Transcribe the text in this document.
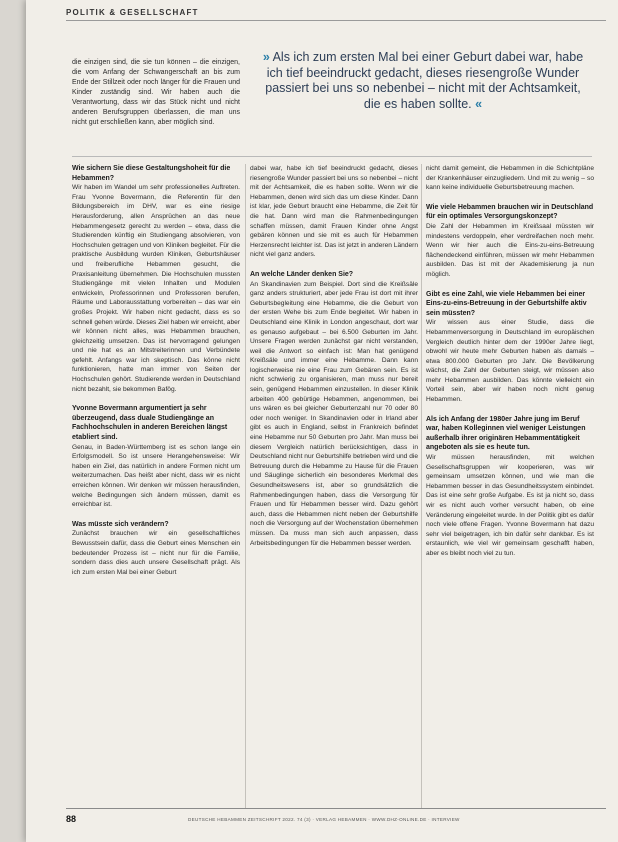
POLITIK & GESELLSCHAFT

die einzigen sind, die sie tun können – die einzigen, die vom Anfang der Schwangerschaft an bis zum Ende der Stillzeit oder noch länger für die Frauen und Kinder zuständig sind. Wir haben auch die Verantwortung, dass wir das Stück nicht und nicht anderen Berufsgruppen überlassen, die man uns nicht gut erschließen kann, aber möglich sind.

» Als ich zum ersten Mal bei einer Geburt dabei war, habe ich tief beeindruckt gedacht, dieses riesengroße Wunder passiert bei uns so nebenbei – nicht mit der Achtsamkeit, die es haben sollte. «
Wie sichern Sie diese Gestaltungshoheit für die Hebammen?

Wir haben im Wandel um sehr professionelles Auftreten. Frau Yvonne Bovermann, die Referentin für den Bildungsbereich im DHV, war es eine riesige Herausforderung, allen Ansprüchen an das neue Hebammengesetz gerecht zu werden – etwa, dass die Studierenden künftig ein Studiengang absolvieren, von Hochschulen getragen und von Kliniken begleitet. Für die praktische Ausbildung wurden Kliniken, Geburtshäuser und freiberufliche Hebammen gesucht, die Praxisanleitung übernehmen. Die Hochschulen mussten Studiengänge mit vielen Inhalten und Modulen entwickeln, Professorinnen und Professoren berufen, Räume und Laborausstattung vorbereiten – das war ein großes Projekt. Wir haben nicht gedacht, dass es so schnell gehen würde. Dieses Ziel haben wir erreicht, aber wir können nicht alles, was Hebammen brauchen, gleichzeitig umsetzen. Das ist hervorragend gelungen und nie hat es an Mitstreiterinnen und Verbündete gefehlt. Anfangs war ich skeptisch. Das könne nicht funktionieren, hatte man immer von Seiten der Hochschulen gehört. Studierende werden in Deutschland nicht bezahlt, sie bekommen Bafög.

Yvonne Bovermann argumentiert ja sehr überzeugend, dass duale Studiengänge an Fachhochschulen in anderen Bereichen längst etabliert sind.

Genau, in Baden-Württemberg ist es schon lange ein Erfolgsmodell. So ist unsere Herangehensweise: Wir haben ein Ziel, das natürlich in andere Formen nicht um weiterzumachen. Das heißt aber nicht, dass wir es nicht erreichen können. Wir denken wir müssen herausfinden, welche Bedingungen sich ändern müssen, damit es erreichbar ist.

Was müsste sich verändern?

Zunächst brauchen wir ein gesellschaftliches Bewusstsein dafür, dass die Geburt eines Menschen ein bedeutender Prozess ist – nicht nur für die Familie, sondern dass dies auch unsere Gesellschaft prägt. Als ich zum ersten Mal bei einer Geburt

dabei war, habe ich tief beeindruckt gedacht, dieses riesengroße Wunder passiert bei uns so nebenbei – nicht mit der Achtsamkeit, die es haben sollte. Wenn wir die Hebammen, denen wird sich das um diese Kinder. Dann ist klar, jede Geburt braucht eine Hebamme, die Zeit für die hat. Dann wird man die Rahmenbedingungen schaffen müssen, damit Frauen Kinder ohne Angst gebären können und sie mit es auch für Hebammen Herzensrecht leichter ist. Das ist jetzt in anderen Ländern nicht viel ganz anders.

An welche Länder denken Sie?

An Skandinavien zum Beispiel. Dort sind die Kreißsäle ganz anders strukturiert, aber jede Frau ist dort mit ihrer Geburtsbegleitung eine Hebamme, die die Geburt von der ersten Wehe bis zum Ende begleitet. Wir haben in Deutschland eine Klinik in London angeschaut, dort war es genauso aufgebaut – bei 6.500 Geburten im Jahr. Unsere Fragen werden zunächst gar nicht verstanden, weil die Antwort so einfach ist: Man hat genügend Kreißsäle und immer eine Hebamme. Dann kann logischerweise nie eine Frau zum Gebären sein. Es ist nicht schwierig zu organisieren, man muss nur bereit sein, genügend Hebammen einzustellen. In dieser Klinik arbeiten 400 gebürtige Hebammen, angenommen, bei uns wären es bei gleicher Geburtenzahl nur 70 oder 80 oder noch weniger. In Skandinavien oder in Irland aber gibt es auch in England, selbst in Frankreich befindet eine Hebamme nur 50 Geburten pro Jahr. Man muss bei diesem Vergleich natürlich berücksichtigen, dass in Deutschland nicht nur Geburtshilfe betrieben wird und die Betreuung durch die Hebamme zu Hause für die Frauen und Säuglinge sicherlich ein besonderes Merkmal des Gesundheitswesens ist, aber so grundsätzlich die Rahmenbedingungen haben, dass die Versorgung für Frauen und für Hebammen besser wird. Dazu gehört auch, dass die Hebammen nicht neben der Geburtshilfe noch die Versorgung auf der Wochenstation übernehmen müssen. Da muss man sich auch anpassen, dass Arbeitsbedingungen für die Hebammen besser werden.

nicht damit gemeint, die Hebammen in die Schichtpläne der Krankenhäuser einzugliedern. Und mit zu wenig – so kann keine individuelle Geburtsbetreuung machen.

Wie viele Hebammen brauchen wir in Deutschland für ein optimales Versorgungskonzept?

Die Zahl der Hebammen im Kreißsaal müssten wir mindestens verdoppeln, eher verdreifachen noch mehr. Wenn wir hier auch die Eins-zu-eins-Betreuung flächendeckend einführen, müssen wir mehr Hebammen ausbilden. Das ist mit der Akademisierung ja nun möglich.

Gibt es eine Zahl, wie viele Hebammen bei einer Eins-zu-eins-Betreuung in der Geburtshilfe aktiv sein müssten?

Wir wissen aus einer Studie, dass die Hebammenversorgung in Deutschland im europäischen Vergleich deutlich hinter dem der 1990er Jahre liegt, obwohl wir heute mehr Geburten haben als damals – etwa 800.000 Geburten pro Jahr. Die Bevölkerung wächst, die Zahl der Geburten steigt, wir müssen also mehr Hebammen ausbilden. Das könnte vielleicht ein Vorteil sein, aber wir haben noch nicht genug Hebammen.

Als ich Anfang der 1980er Jahre jung im Beruf war, haben Kolleginnen viel weniger Leistungen außerhalb ihrer originären Hebammentätigkeit angeboten als sie es heute tun.

Wir müssen herausfinden, mit welchen Gesellschaftsgruppen wir kooperieren, was wir gemeinsam umsetzen können, und wie man die Hebammen besser in das Gesundheitssystem einbindet. Das ist eine sehr große Aufgabe. Es ist ja nicht so, dass wir es nicht auch vorher versucht haben, ob eine Veränderung eingeleitet wurde. In der Politik gibt es dafür noch viele offene Fragen. Yvonne Bovermann hat dazu sehr viel beigetragen, ich bin dafür sehr dankbar. Es ist erstaunlich, wie viel wir gemeinsam geschafft haben, aber es bleibt noch viel zu tun.

88	DEUTSCHE HEBAMMEN ZEITSCHRIFT 2022. 74 (3) · VERLAG HEBAMMEN · WWW.DHZ-ONLINE.DE · INTERVIEW
